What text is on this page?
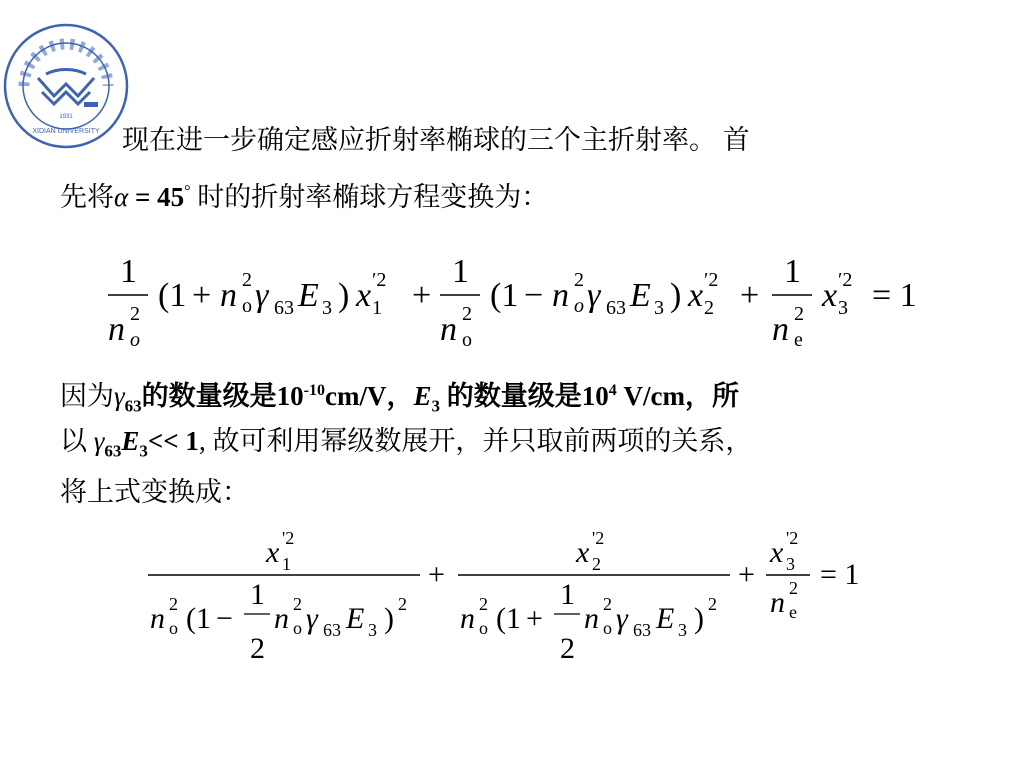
XIDIAN UNIVERSITY
1931
现在进一步确定感应折射率椭球的三个主折射率。 首
先将α = 45° 时的折射率椭球方程变换为：
1
n 2
o
(1 + n 2
o γ 63 E 3 ) x ′2
1 +
1
n 2
o
(1 − n 2
o γ 63 E 3 ) x ′2
2 +
1
n 2
e
x ′2
3 = 1
因为$\gamma_{63}$的数量级是$10^{-10}cm/V$，$E_3$ 的数量级是$10^4$ V/cm，所
以 $\gamma_{63}E_3<< 1$, 故可利用幂级数展开，并只取前两项的关系，
将上式变换成：
x '2
1
n 2
o (1 −
1
2
n 2
o γ 63 E 3 ) 2
+
x '2
2
n 2
o (1 +
1
2
n 2
o γ 63 E 3 ) 2
+
x '2
3
n 2
e
= 1
